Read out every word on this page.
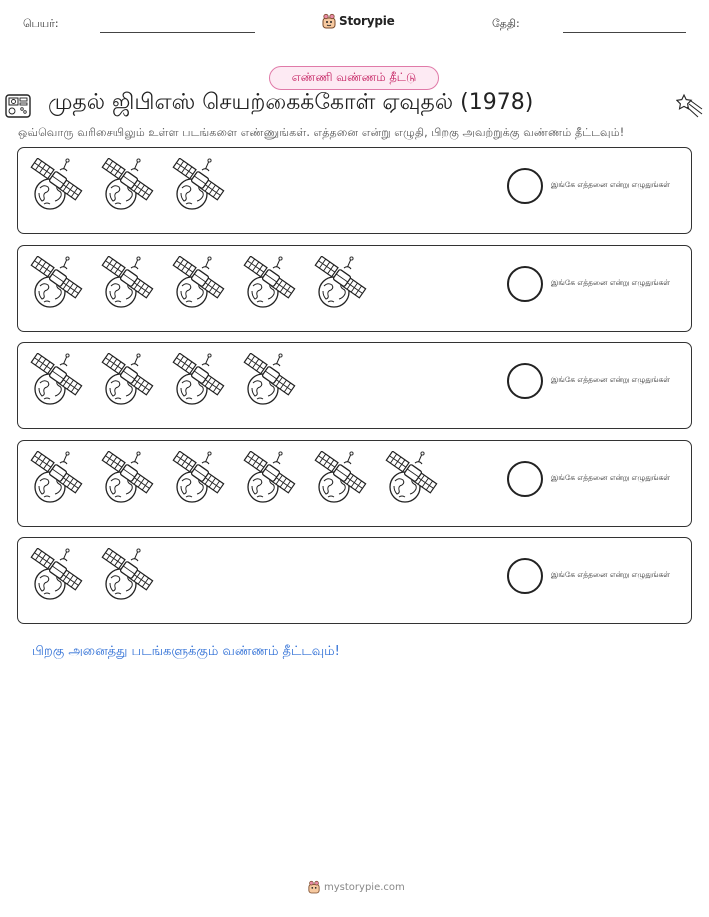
பெயர்:	Storypie	தேதி:
எண்ணி வண்ணம் தீட்டு
முதல் ஜிபிஎஸ் செயற்கைக்கோள் ஏவுதல் (1978)
ஒவ்வொரு வரிசையிலும் உள்ள படங்களை எண்ணுங்கள். எத்தனை என்று எழுதி, பிறகு அவற்றுக்கு வண்ணம் தீட்டவும்!
இங்கே எத்தனை என்று எழுதுங்கள்
இங்கே எத்தனை என்று எழுதுங்கள்
இங்கே எத்தனை என்று எழுதுங்கள்
இங்கே எத்தனை என்று எழுதுங்கள்
இங்கே எத்தனை என்று எழுதுங்கள்
பிறகு அனைத்து படங்களுக்கும் வண்ணம் தீட்டவும்!
mystorypie.com
